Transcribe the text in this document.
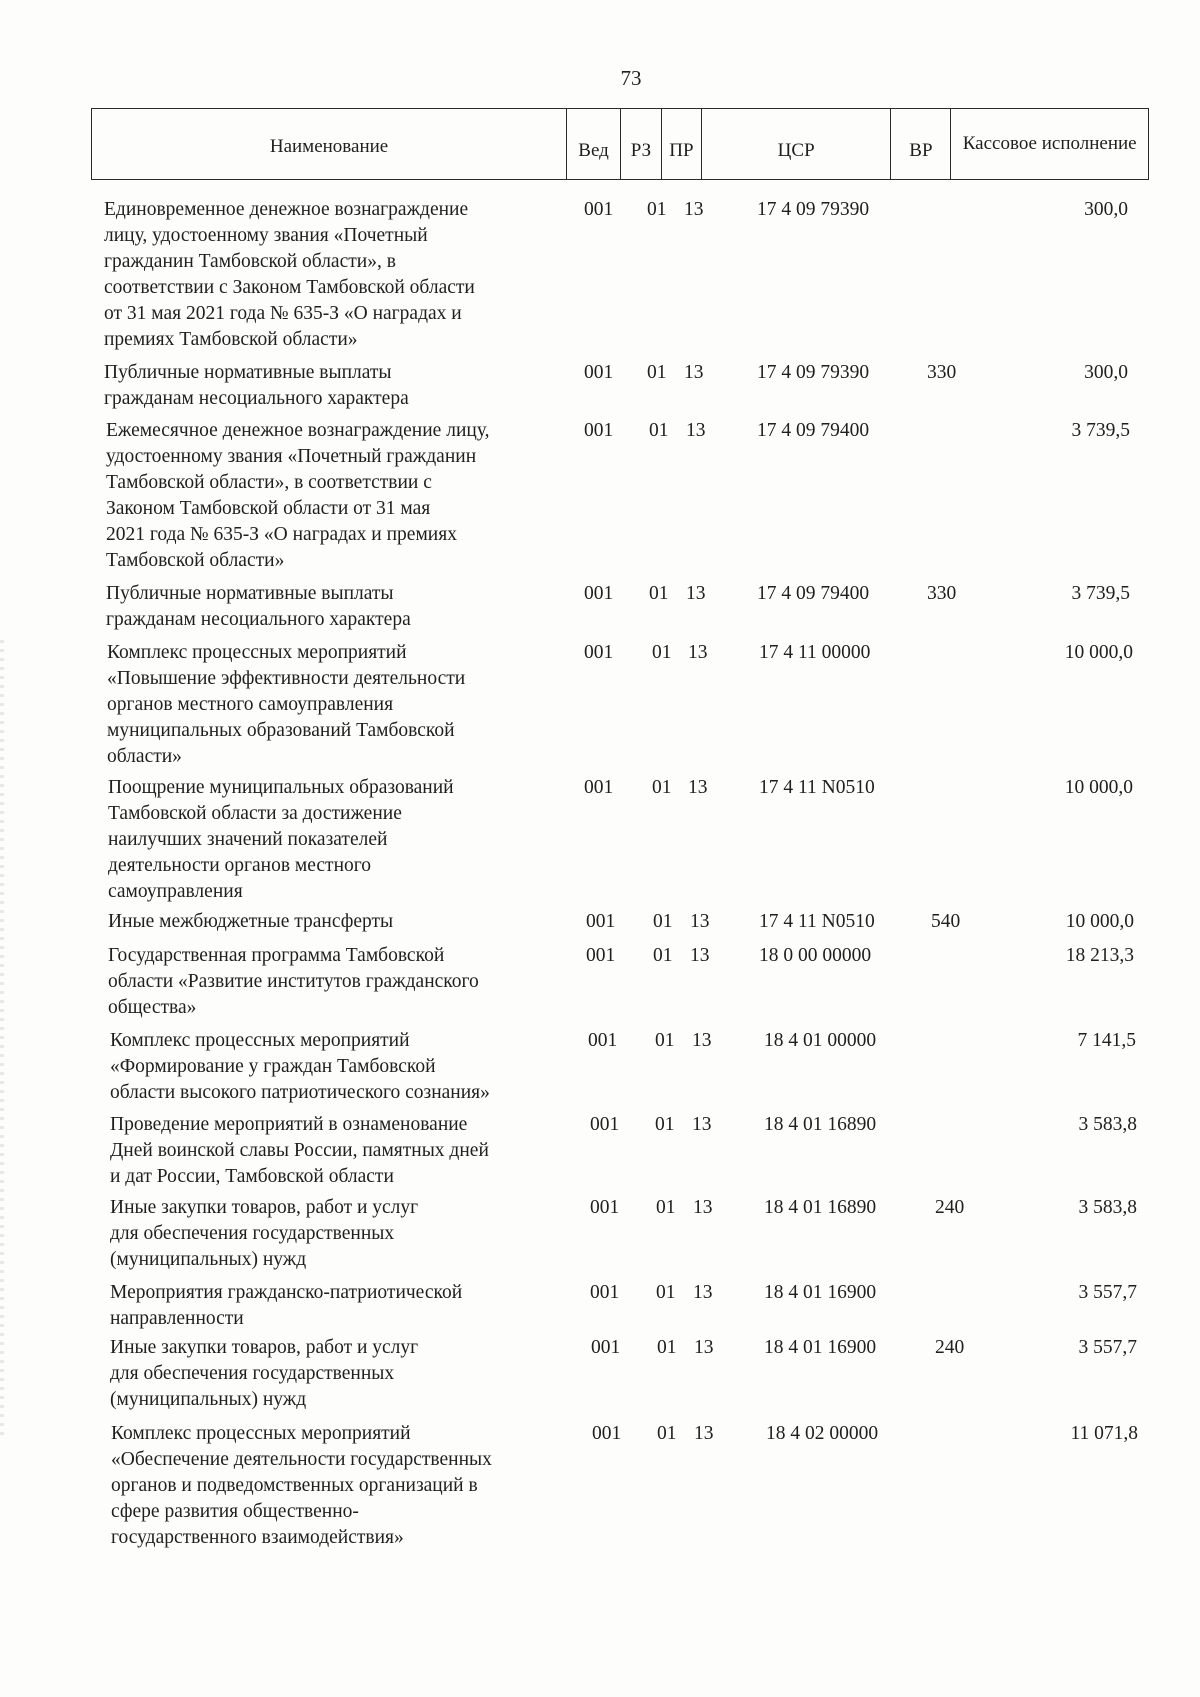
73
Наименование	Вед	РЗ ПР	ЦСР	ВР	Кассовое исполнение
Единовременное денежное вознаграждение
лицу, удостоенному звания «Почетный
гражданин Тамбовской области», в
соответствии с Законом Тамбовской области
от 31 мая 2021 года № 635-З «О наградах и
премиях Тамбовской области»
001 01 13	17 4 09 79390	300,0
Публичные нормативные выплаты
гражданам несоциального характера
001 01 13	17 4 09 79390	330	300,0
Ежемесячное денежное вознаграждение лицу,
удостоенному звания «Почетный гражданин
Тамбовской области», в соответствии с
Законом Тамбовской области от 31 мая
2021 года № 635-З «О наградах и премиях
Тамбовской области»
001 01 13	17 4 09 79400	3 739,5
Публичные нормативные выплаты
гражданам несоциального характера
001 01 13	17 4 09 79400	330	3 739,5
Комплекс процессных мероприятий
«Повышение эффективности деятельности
органов местного самоуправления
муниципальных образований Тамбовской
области»
001 01 13	17 4 11 00000	10 000,0
Поощрение муниципальных образований
Тамбовской области за достижение
наилучших значений показателей
деятельности органов местного
самоуправления
001 01 13	17 4 11 N0510	10 000,0
Иные межбюджетные трансферты	001 01 13	17 4 11 N0510	540	10 000,0
Государственная программа Тамбовской
области «Развитие институтов гражданского
общества»
001 01 13	18 0 00 00000	18 213,3
Комплекс процессных мероприятий
«Формирование у граждан Тамбовской
области высокого патриотического сознания»
001 01 13	18 4 01 00000	7 141,5
Проведение мероприятий в ознаменование
Дней воинской славы России, памятных дней
и дат России, Тамбовской области
001 01 13	18 4 01 16890	3 583,8
Иные закупки товаров, работ и услуг
для обеспечения государственных
(муниципальных) нужд
001 01 13	18 4 01 16890	240	3 583,8
Мероприятия гражданско-патриотической
направленности
001 01 13	18 4 01 16900	3 557,7
Иные закупки товаров, работ и услуг
для обеспечения государственных
(муниципальных) нужд
001 01 13	18 4 01 16900	240	3 557,7
Комплекс процессных мероприятий
«Обеспечение деятельности государственных
органов и подведомственных организаций в
сфере развития общественно-
государственного взаимодействия»
001 01 13	18 4 02 00000	11 071,8
